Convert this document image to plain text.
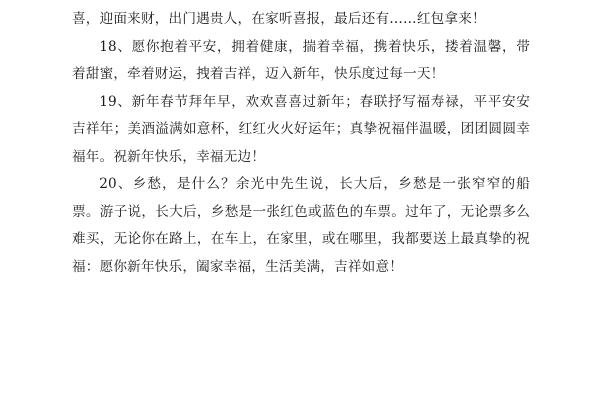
喜，迎面来财，出门遇贵人，在家听喜报，最后还有……红包拿来！

18、愿你抱着平安，拥着健康，揣着幸福，携着快乐，搂着温馨，带着甜蜜，牵着财运，拽着吉祥，迈入新年，快乐度过每一天！

19、新年春节拜年早，欢欢喜喜过新年；春联抒写福寿禄，平平安安吉祥年；美酒溢满如意杯，红红火火好运年；真挚祝福伴温暖，团团圆圆幸福年。祝新年快乐，幸福无边！

20、乡愁，是什么？余光中先生说，长大后，乡愁是一张窄窄的船票。游子说，长大后，乡愁是一张红色或蓝色的车票。过年了，无论票多么难买，无论你在路上，在车上，在家里，或在哪里，我都要送上最真挚的祝福：愿你新年快乐，阖家幸福，生活美满，吉祥如意！
